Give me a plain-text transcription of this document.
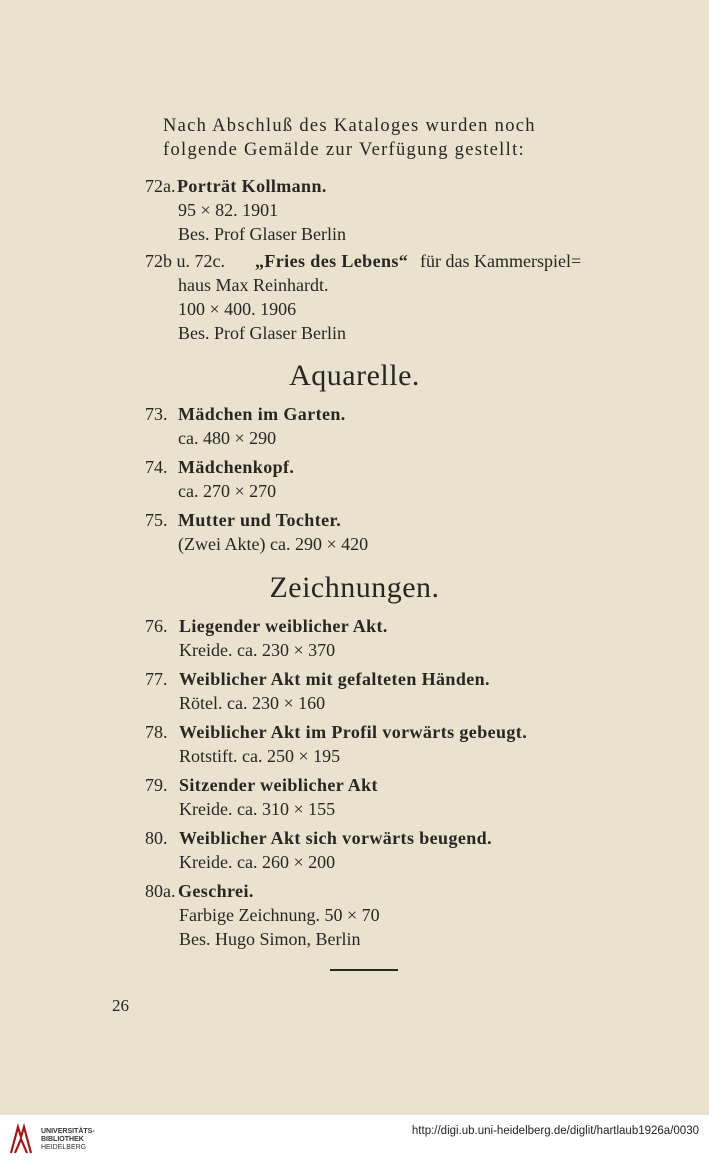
Nach Abschluß des Kataloges wurden noch
folgende Gemälde zur Verfügung gestellt:
72a. Porträt Kollmann.
95 × 82. 1901
Bes. Prof Glaser Berlin
72b u. 72c. „Fries des Lebens“ für das Kammerspiel=
haus Max Reinhardt.
100 × 400. 1906
Bes. Prof Glaser Berlin
Aquarelle.
73. Mädchen im Garten.
ca. 480 × 290
74. Mädchenkopf.
ca. 270 × 270
75. Mutter und Tochter.
(Zwei Akte) ca. 290 × 420
Zeichnungen.
76. Liegender weiblicher Akt.
Kreide. ca. 230 × 370
77. Weiblicher Akt mit gefalteten Händen.
Rötel. ca. 230 × 160
78. Weiblicher Akt im Profil vorwärts gebeugt.
Rotstift. ca. 250 × 195
79. Sitzender weiblicher Akt
Kreide. ca. 310 × 155
80. Weiblicher Akt sich vorwärts beugend.
Kreide. ca. 260 × 200
80a. Geschrei.
Farbige Zeichnung. 50 × 70
Bes. Hugo Simon, Berlin
26
UNIVERSITÄTS-
BIBLIOTHEK
HEIDELBERG
http://digi.ub.uni-heidelberg.de/diglit/hartlaub1926a/0030
